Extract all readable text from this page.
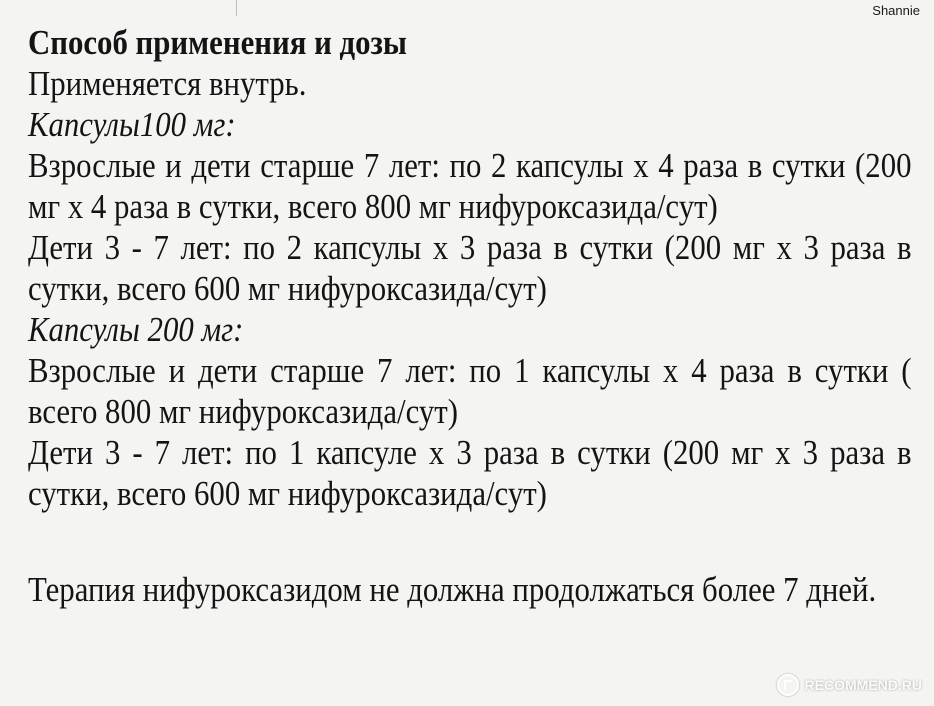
Shannie

Способ применения и дозы

Применяется внутрь.

Капсулы100 мг:

Взрослые и дети старше 7 лет: по 2 капсулы х 4 раза в сутки (200 мг х 4 раза в сутки, всего 800 мг нифуроксазида/сут)

Дети 3 - 7 лет: по 2 капсулы х 3 раза в сутки (200 мг х 3 раза в сутки, всего 600 мг нифуроксазида/сут)

Капсулы 200 мг:

Взрослые и дети старше 7 лет: по 1 капсулы х 4 раза в сутки ( всего 800 мг нифуроксазида/сут)

Дети 3 - 7 лет: по 1 капсуле х 3 раза в сутки (200 мг х 3 раза в сутки, всего 600 мг нифуроксазида/сут)

Терапия нифуроксазидом не должна продолжаться более 7 дней.

RECOMMEND.RU
